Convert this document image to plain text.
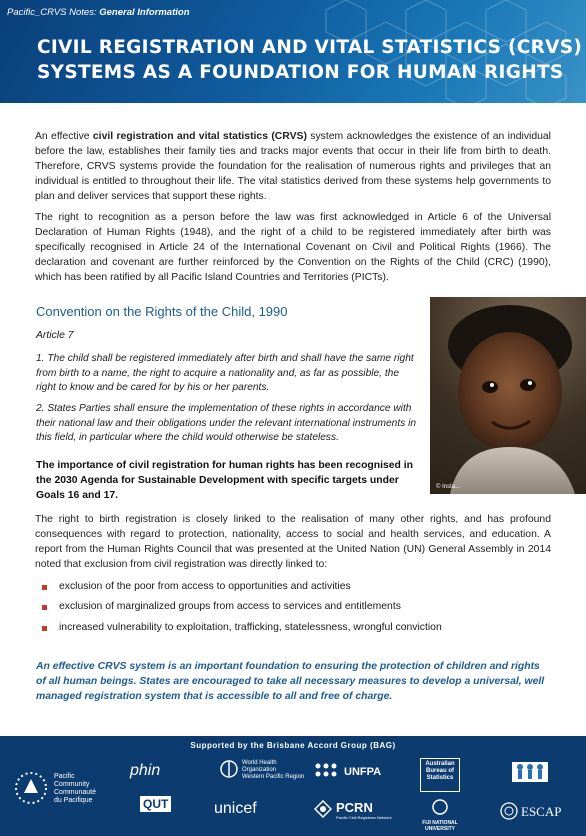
Pacific_CRVS Notes: General Information
CIVIL REGISTRATION AND VITAL STATISTICS (CRVS)
SYSTEMS AS A FOUNDATION FOR HUMAN RIGHTS

An effective civil registration and vital statistics (CRVS) system acknowledges the existence of an individual before the law, establishes their family ties and tracks major events that occur in their life from birth to death. Therefore, CRVS systems provide the foundation for the realisation of numerous rights and privileges that an individual is entitled to throughout their life. The vital statistics derived from these systems help governments to plan and deliver services that support these rights.

The right to recognition as a person before the law was first acknowledged in Article 6 of the Universal Declaration of Human Rights (1948), and the right of a child to be registered immediately after birth was specifically recognised in Article 24 of the International Covenant on Civil and Political Rights (1966). The declaration and covenant are further reinforced by the Convention on the Rights of the Child (CRC) (1990), which has been ratified by all Pacific Island Countries and Territories (PICTs).

Convention on the Rights of the Child, 1990
Article 7

1. The child shall be registered immediately after birth and shall have the same right from birth to a name, the right to acquire a nationality and, as far as possible, the right to know and be cared for by his or her parents.

2. States Parties shall ensure the implementation of these rights in accordance with their national law and their obligations under the relevant international instruments in this field, in particular where the child would otherwise be stateless.

The importance of civil registration for human rights has been recognised in the 2030 Agenda for Sustainable Development with specific targets under Goals 16 and 17.

© Insta...

The right to birth registration is closely linked to the realisation of many other rights, and has profound consequences with regard to protection, nationality, access to social and health services, and education. A report from the Human Rights Council that was presented at the United Nation (UN) General Assembly in 2014 noted that exclusion from civil registration was directly linked to:

exclusion of the poor from access to opportunities and activities
exclusion of marginalized groups from access to services and entitlements
increased vulnerability to exploitation, trafficking, statelessness, wrongful conviction

An effective CRVS system is an important foundation to ensuring the protection of children and rights of all human beings. States are encouraged to take all necessary measures to develop a universal, well managed registration system that is accessible to all and free of charge.

Supported by the Brisbane Accord Group (BAG)
Pacific
Community
Communauté
du Pacifique
phin
QUT
World Health
Organization
Western Pacific Region
unicef
UNFPA
PCRN
Pacific Civil Registrars Network
Australian
Bureau of
Statistics
FIJI NATIONAL
UNIVERSITY
ESCAP
